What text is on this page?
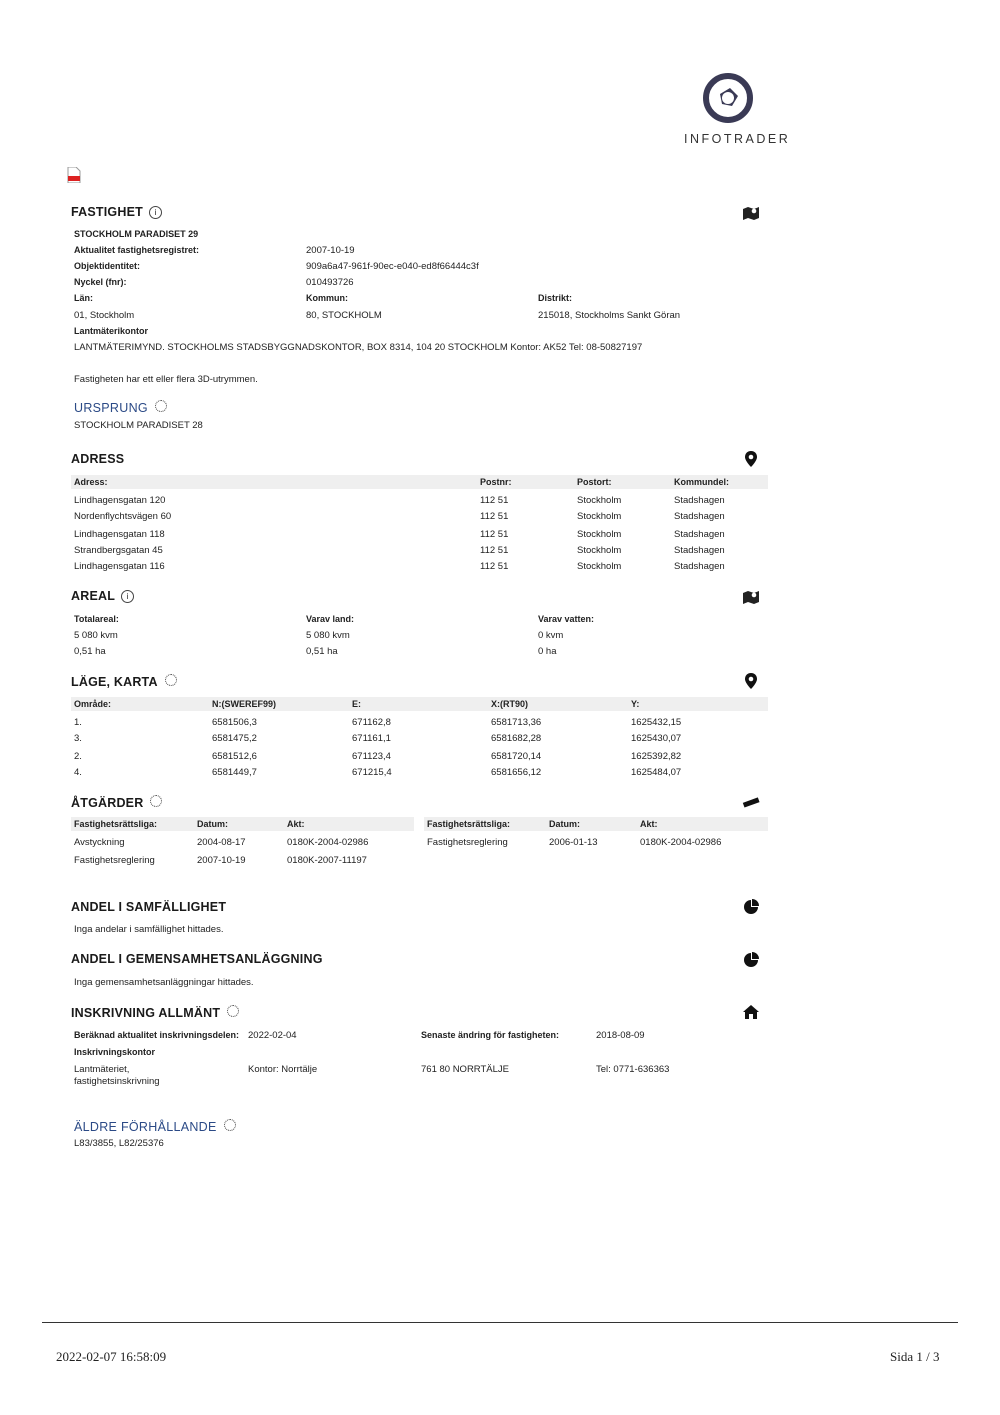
INFOTRADER
FASTIGHET i
STOCKHOLM PARADISET 29
Aktualitet fastighetsregistret:	2007-10-19
Objektidentitet:	909a6a47-961f-90ec-e040-ed8f66444c3f
Nyckel (fnr):	010493726
Län:	Kommun:	Distrikt:
01, Stockholm	80, STOCKHOLM	215018, Stockholms Sankt Göran
Lantmäterikontor
LANTMÄTERIMYND. STOCKHOLMS STADSBYGGNADSKONTOR, BOX 8314, 104 20 STOCKHOLM Kontor: AK52 Tel: 08-50827197
Fastigheten har ett eller flera 3D-utrymmen.
URSPRUNG
STOCKHOLM PARADISET 28
ADRESS
Adress:	Postnr:	Postort:	Kommundel:
Lindhagensgatan 120	112 51	Stockholm	Stadshagen
Nordenflychtsvägen 60	112 51	Stockholm	Stadshagen
Lindhagensgatan 118	112 51	Stockholm	Stadshagen
Strandbergsgatan 45	112 51	Stockholm	Stadshagen
Lindhagensgatan 116	112 51	Stockholm	Stadshagen
AREAL i
Totalareal:	Varav land:	Varav vatten:
5 080 kvm	5 080 kvm	0 kvm
0,51 ha	0,51 ha	0 ha
LÄGE, KARTA
Område:	N:(SWEREF99)	E:	X:(RT90)	Y:
1.	6581506,3	671162,8	6581713,36	1625432,15
3.	6581475,2	671161,1	6581682,28	1625430,07
2.	6581512,6	671123,4	6581720,14	1625392,82
4.	6581449,7	671215,4	6581656,12	1625484,07
ÅTGÄRDER
Fastighetsrättsliga:	Datum:	Akt:	Fastighetsrättsliga:	Datum:	Akt:
Avstyckning	2004-08-17	0180K-2004-02986	Fastighetsreglering	2006-01-13	0180K-2004-02986
Fastighetsreglering	2007-10-19	0180K-2007-11197
ANDEL I SAMFÄLLIGHET
Inga andelar i samfällighet hittades.
ANDEL I GEMENSAMHETSANLÄGGNING
Inga gemensamhetsanläggningar hittades.
INSKRIVNING ALLMÄNT
Beräknad aktualitet inskrivningsdelen: 2022-02-04	Senaste ändring för fastigheten:	2018-08-09
Inskrivningskontor
Lantmäteriet,
fastighetsinskrivning
Kontor: Norrtälje	761 80 NORRTÄLJE	Tel: 0771-636363
ÄLDRE FÖRHÅLLANDE
L83/3855, L82/25376
2022-02-07 16:58:09	Sida 1 / 3
